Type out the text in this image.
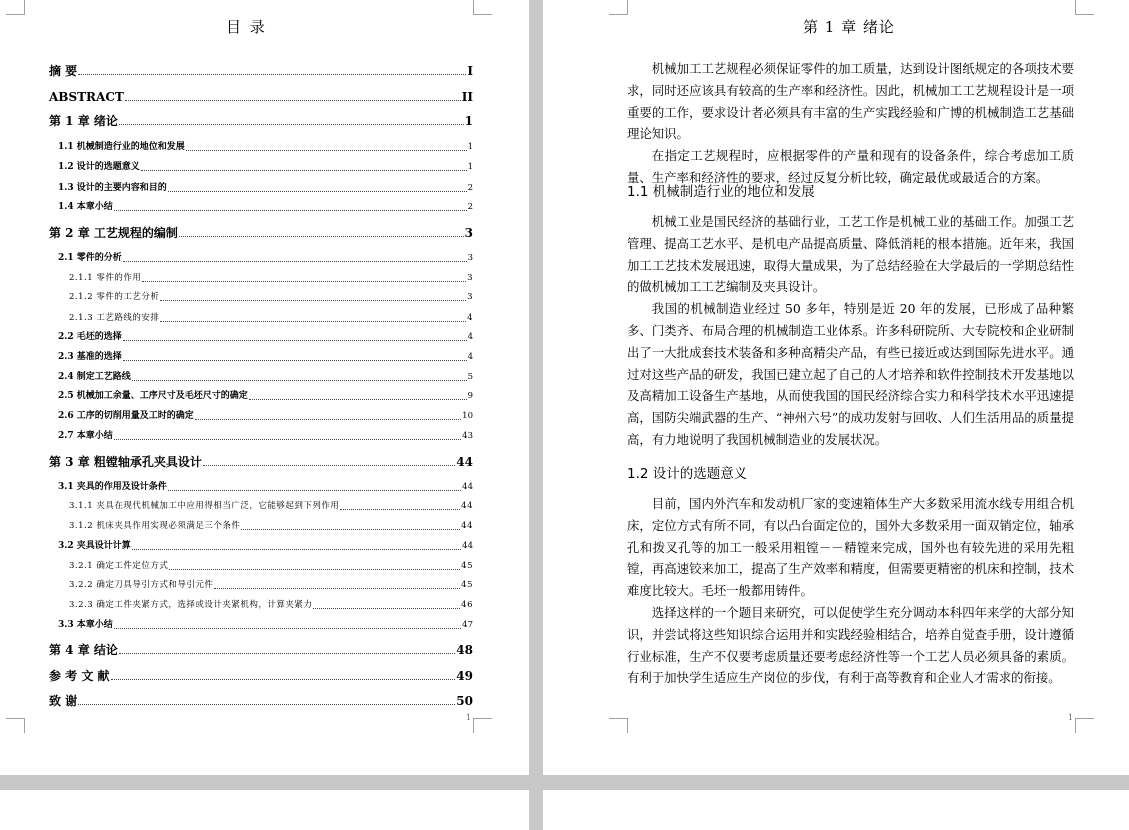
目 录
摘 要	I
ABSTRACT	II
第 1 章 绪论	1
1.1 机械制造行业的地位和发展	1
1.2 设计的选题意义	1
1.3 设计的主要内容和目的	2
1.4 本章小结	2
第 2 章 工艺规程的编制	3
2.1 零件的分析	3
2.1.1 零件的作用	3
2.1.2 零件的工艺分析	3
2.1.3 工艺路线的安排	4
2.2 毛坯的选择	4
2.3 基准的选择	4
2.4 制定工艺路线	5
2.5 机械加工余量、工序尺寸及毛坯尺寸的确定	9
2.6 工序的切削用量及工时的确定	10
2.7 本章小结	43
第 3 章 粗镗轴承孔夹具设计	44
3.1 夹具的作用及设计条件	44
3.1.1 夹具在现代机械加工中应用得相当广泛，它能够起到下列作用	44
3.1.2 机床夹具作用实现必须满足三个条件	44
3.2 夹具设计计算	44
3.2.1 确定工件定位方式	45
3.2.2 确定刀具导引方式和导引元件	45
3.2.3 确定工件夹紧方式，选择或设计夹紧机构，计算夹紧力	46
3.3 本章小结	47
第 4 章 结论	48
参 考 文 献	49
致 谢	50
1
第 1 章 绪论

机械加工工艺规程必须保证零件的加工质量，达到设计图纸规定的各项技术要求，同时还应该具有较高的生产率和经济性。因此，机械加工工艺规程设计是一项重要的工作，要求设计者必须具有丰富的生产实践经验和广博的机械制造工艺基础理论知识。

在指定工艺规程时，应根据零件的产量和现有的设备条件，综合考虑加工质量、生产率和经济性的要求，经过反复分析比较，确定最优或最适合的方案。

1.1 机械制造行业的地位和发展

机械工业是国民经济的基础行业，工艺工作是机械工业的基础工作。加强工艺管理、提高工艺水平、是机电产品提高质量、降低消耗的根本措施。近年来，我国加工工艺技术发展迅速，取得大量成果，为了总结经验在大学最后的一学期总结性的做机械加工工艺编制及夹具设计。

我国的机械制造业经过 50 多年，特别是近 20 年的发展，已形成了品种繁多、门类齐、布局合理的机械制造工业体系。许多科研院所、大专院校和企业研制出了一大批成套技术装备和多种高精尖产品，有些已接近或达到国际先进水平。通过对这些产品的研发，我国已建立起了自己的人才培养和软件控制技术开发基地以及高精加工设备生产基地，从而使我国的国民经济综合实力和科学技术水平迅速提高，国防尖端武器的生产、“神州六号”的成功发射与回收、人们生活用品的质量提高，有力地说明了我国机械制造业的发展状况。

1.2 设计的选题意义

目前，国内外汽车和发动机厂家的变速箱体生产大多数采用流水线专用组合机床，定位方式有所不同，有以凸台面定位的，国外大多数采用一面双销定位，轴承孔和拨叉孔等的加工一般采用粗镗－－精镗来完成，国外也有较先进的采用先粗镗，再高速铰来加工，提高了生产效率和精度，但需要更精密的机床和控制，技术难度比较大。毛坯一般都用铸件。

选择这样的一个题目来研究，可以促使学生充分调动本科四年来学的大部分知识，并尝试将这些知识综合运用并和实践经验相结合，培养自觉查手册，设计遵循行业标准，生产不仅要考虑质量还要考虑经济性等一个工艺人员必须具备的素质。有利于加快学生适应生产岗位的步伐，有利于高等教育和企业人才需求的衔接。

1
